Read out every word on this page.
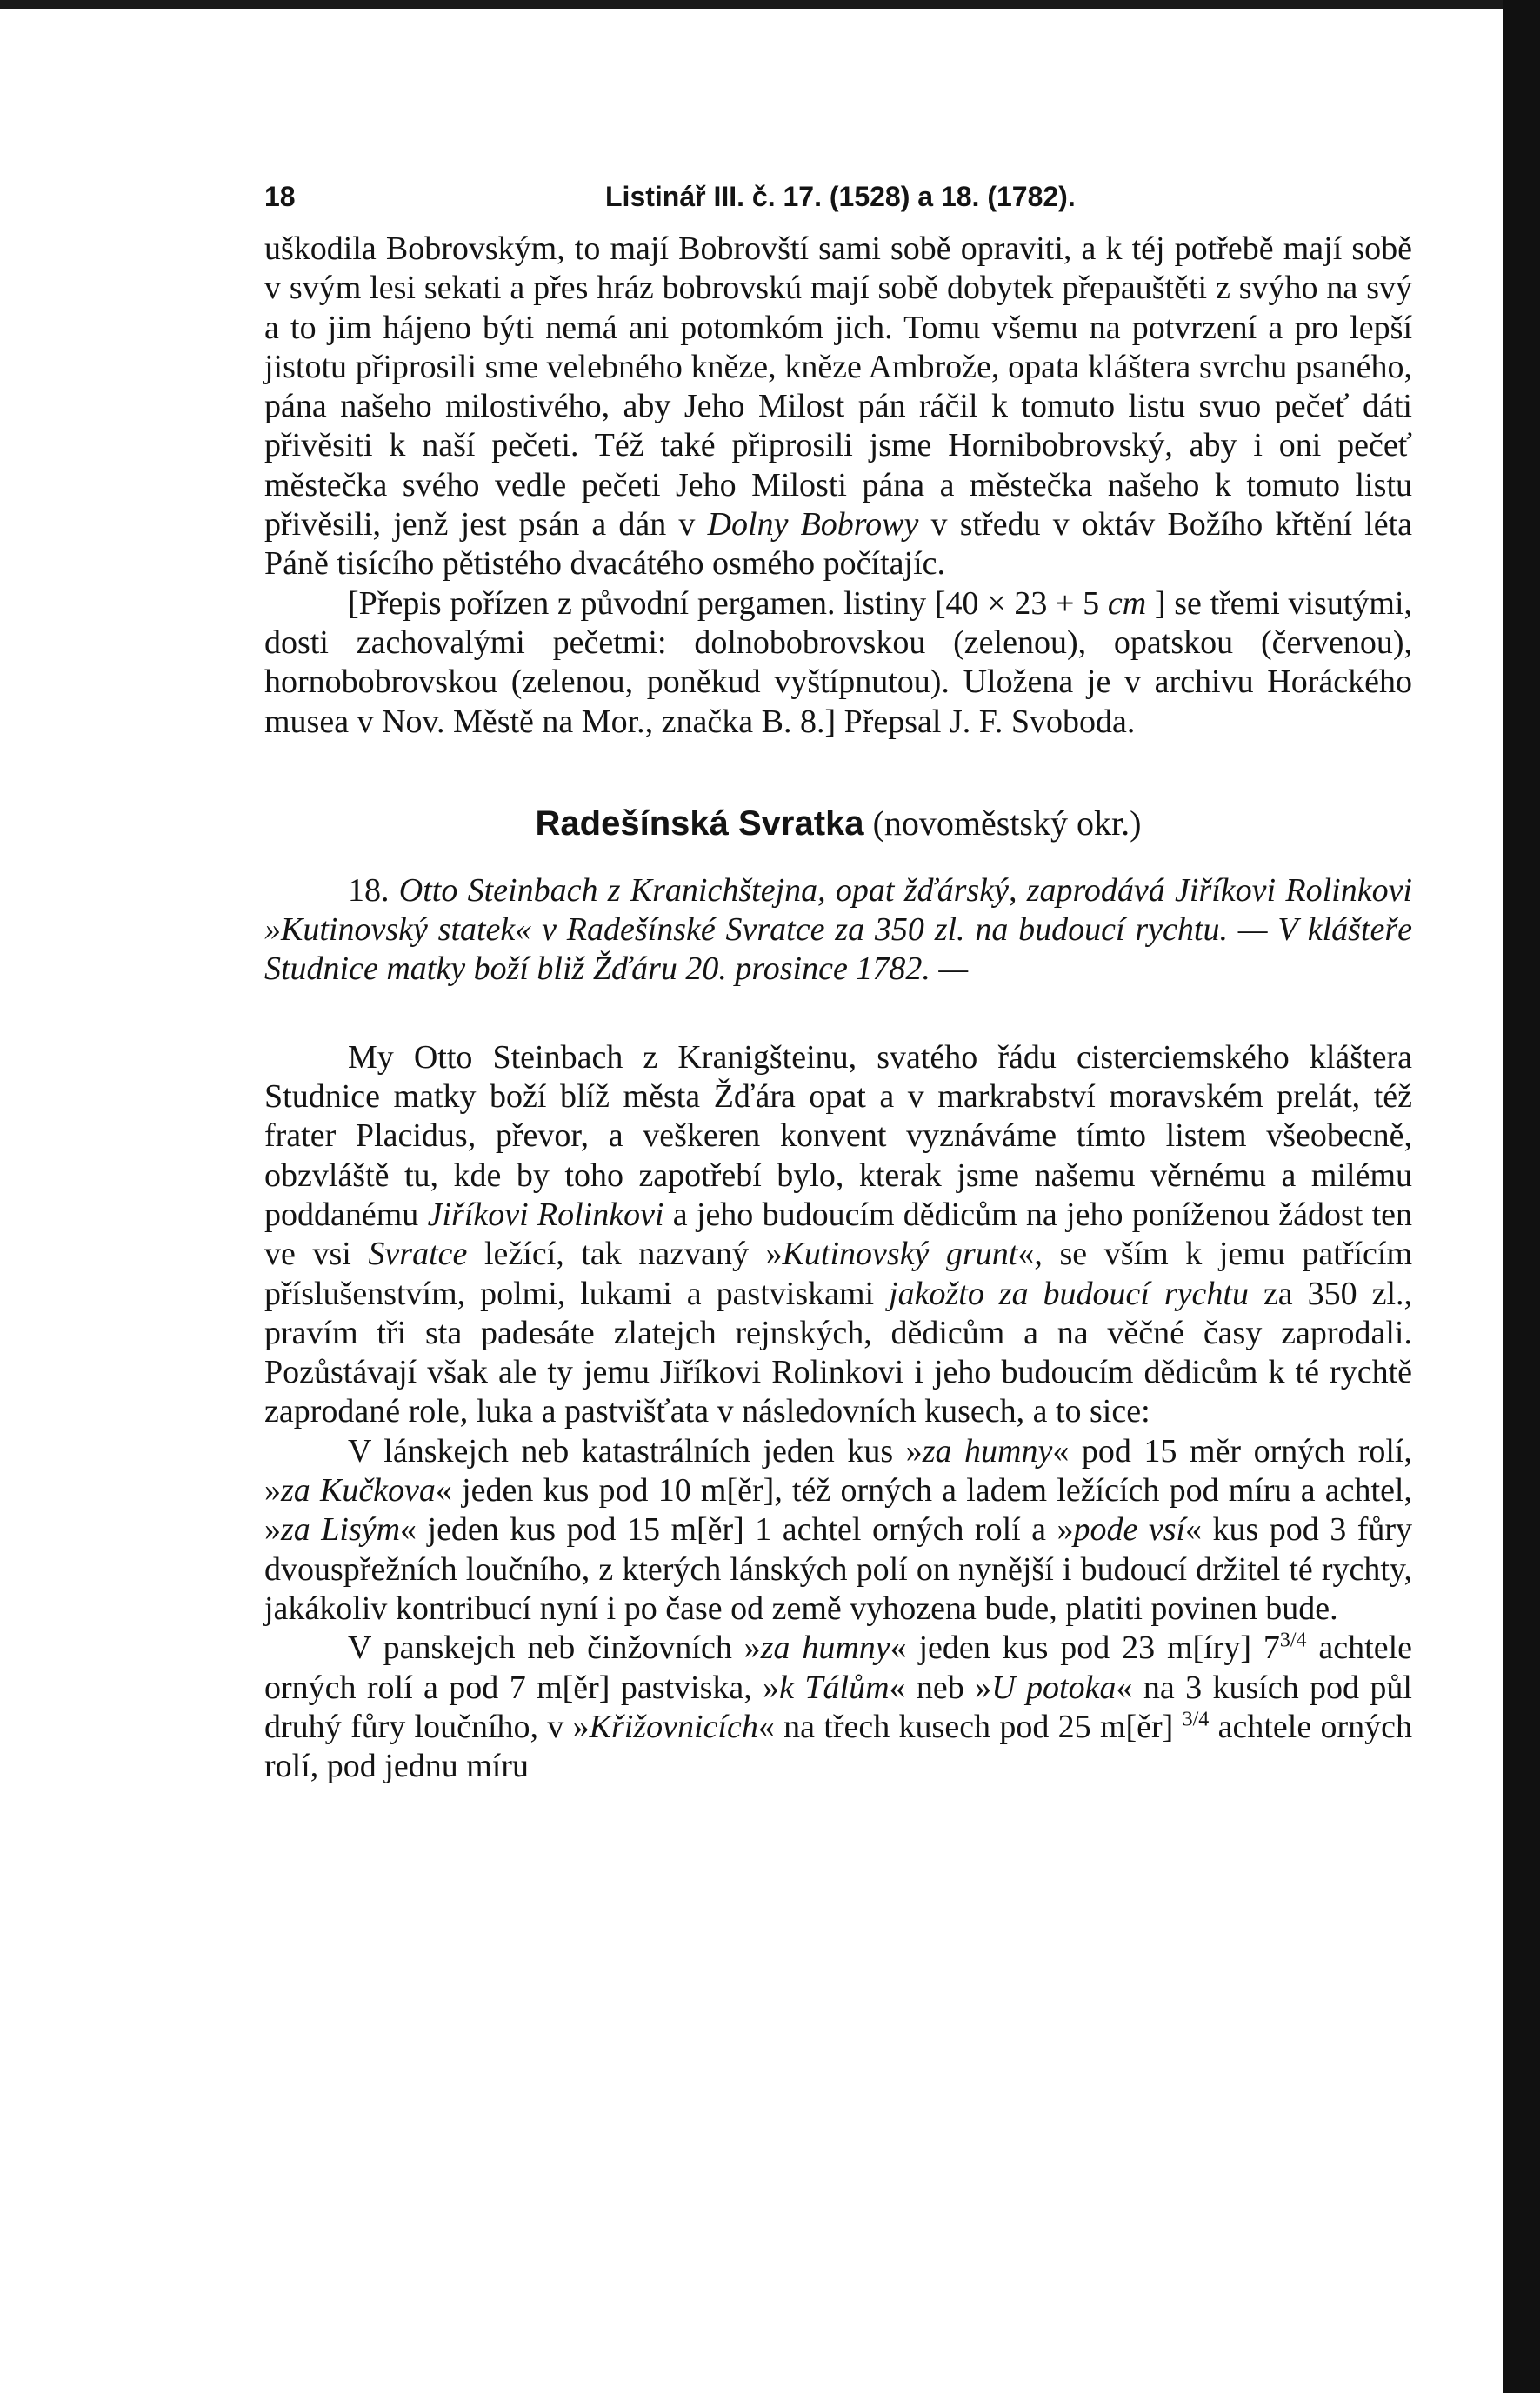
18	Listinář III. č. 17. (1528) a 18. (1782).

uškodila Bobrovským, to mají Bobrovští sami sobě opraviti, a k téj potřebě mají sobě v svým lesi sekati a přes hráz bobrovskú mají sobě dobytek přepauštěti z svýho na svý a to jim hájeno býti nemá ani potomkóm jich. Tomu všemu na potvrzení a pro lepší jistotu připrosili sme velebného kněze, kněze Ambrože, opata kláštera svrchu psaného, pána našeho milostivého, aby Jeho Milost pán ráčil k tomuto listu svuo pečeť dáti přivěsiti k naší pečeti. Též také připrosili jsme Hornibobrovský, aby i oni pečeť městečka svého vedle pečeti Jeho Milosti pána a městečka našeho k tomuto listu přivěsili, jenž jest psán a dán v Dolny Bobrowy v středu v oktáv Božího křtění léta Páně tisícího pětistého dvacátého osmého počítajíc.

[Přepis pořízen z původní pergamen. listiny [40 × 23 + 5 cm ] se třemi visutými, dosti zachovalými pečetmi: dolnobobrovskou (zelenou), opatskou (červenou), hornobobrovskou (zelenou, poněkud vyštípnutou). Uložena je v archivu Horáckého musea v Nov. Městě na Mor., značka B. 8.] Přepsal J. F. Svoboda.

Radešínská Svratka (novoměstský okr.)

18. Otto Steinbach z Kranichštejna, opat žďárský, zaprodává Jiříkovi Rolinkovi »Kutinovský statek« v Radešínské Svratce za 350 zl. na budoucí rychtu. — V klášteře Studnice matky boží bliž Žďáru 20. prosince 1782. —

My Otto Steinbach z Kranigšteinu, svatého řádu cisterciemského kláštera Studnice matky boží blíž města Žďára opat a v markrabství moravském prelát, též frater Placidus, převor, a veškeren konvent vyznáváme tímto listem všeobecně, obzvláště tu, kde by toho zapotřebí bylo, kterak jsme našemu věrnému a milému poddanému Jiříkovi Rolinkovi a jeho budoucím dědicům na jeho poníženou žádost ten ve vsi Svratce ležící, tak nazvaný »Kutinovský grunt«, se vším k jemu patřícím příslušenstvím, polmi, lukami a pastviskami jakožto za budoucí rychtu za 350 zl., pravím tři sta padesáte zlatejch rejnských, dědicům a na věčné časy zaprodali. Pozůstávají však ale ty jemu Jiříkovi Rolinkovi i jeho budoucím dědicům k té rychtě zaprodané role, luka a pastvišťata v následovních kusech, a to sice:

V lánskejch neb katastrálních jeden kus »za humny« pod 15 měr orných rolí, »za Kučkova« jeden kus pod 10 m[ěr], též orných a ladem ležících pod míru a achtel, »za Lisým« jeden kus pod 15 m[ěr] 1 achtel orných rolí a »pode vsí« kus pod 3 fůry dvouspřežních loučního, z kterých lánských polí on nynější i budoucí držitel té rychty, jakákoliv kontribucí nyní i po čase od země vyhozena bude, platiti povinen bude.

V panskejch neb činžovních »za humny« jeden kus pod 23 m[íry] $7^{3/4}$ achtele orných rolí a pod 7 m[ěr] pastviska, »k Tálům« neb »U potoka« na 3 kusích pod půl druhý fůry loučního, v »Křižovnicích« na třech kusech pod 25 m[ěr] $^{3/4}$ achtele orných rolí, pod jednu míru
